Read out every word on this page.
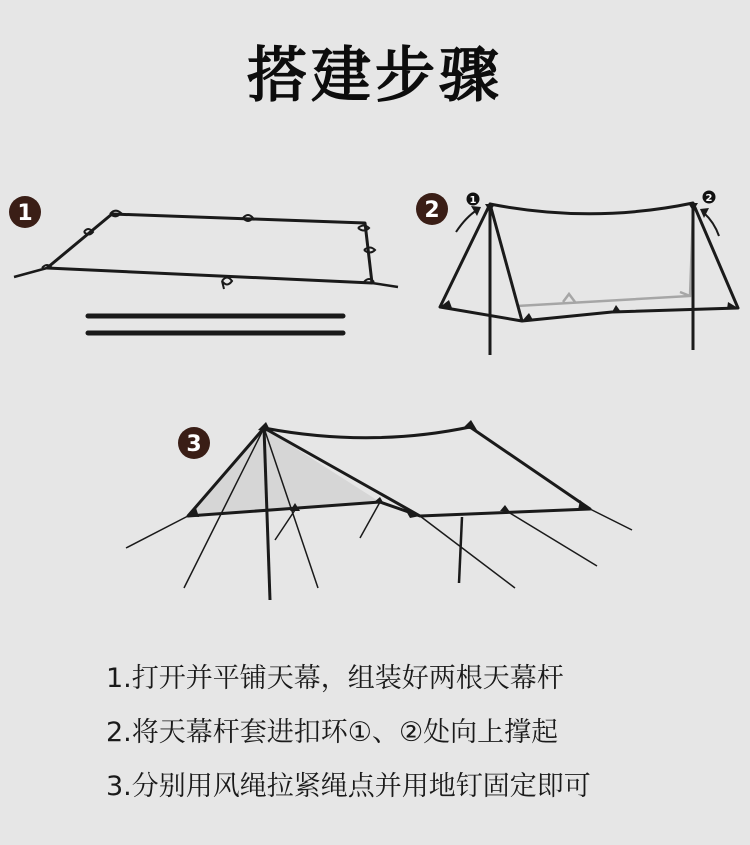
搭建步骤
1	2	1	2
3
1.打开并平铺天幕，组装好两根天幕杆
2.将天幕杆套进扣环①、②处向上撑起
3.分别用风绳拉紧绳点并用地钉固定即可
